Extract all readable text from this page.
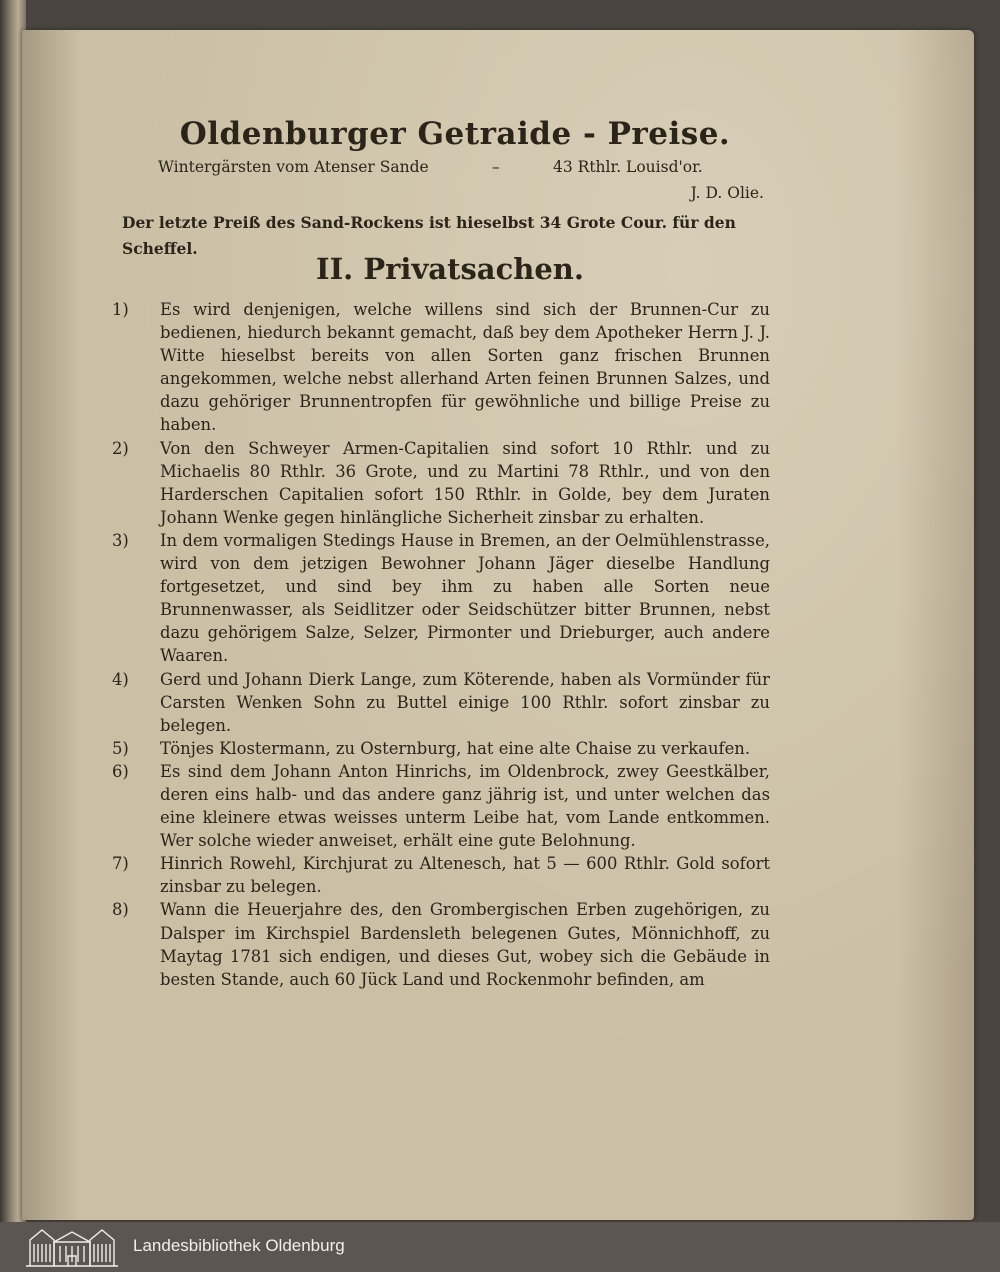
Oldenburger Getraide - Preise.
Wintergärsten vom Atenser Sande	–	43 Rthlr. Louisd'or.
J. D. Olie.
Der letzte Preiß des Sand-Rockens ist hieselbst 34 Grote Cour. für den Scheffel.
II. Privatsachen.
1) Es wird denjenigen, welche willens sind sich der Brunnen-Cur zu bedienen, hiedurch bekannt gemacht, daß bey dem Apotheker Herrn J. J. Witte hieselbst bereits von allen Sorten ganz frischen Brunnen angekommen, welche nebst allerhand Arten feinen Brunnen Salzes, und dazu gehöriger Brunnentropfen für gewöhnliche und billige Preise zu haben.
2) Von den Schweyer Armen-Capitalien sind sofort 10 Rthlr. und zu Michaelis 80 Rthlr. 36 Grote, und zu Martini 78 Rthlr., und von den Harderschen Capitalien sofort 150 Rthlr. in Golde, bey dem Juraten Johann Wenke gegen hinlängliche Sicherheit zinsbar zu erhalten.
3) In dem vormaligen Stedings Hause in Bremen, an der Oelmühlenstrasse, wird von dem jetzigen Bewohner Johann Jäger dieselbe Handlung fortgesetzet, und sind bey ihm zu haben alle Sorten neue Brunnenwasser, als Seidlitzer oder Seidschützer bitter Brunnen, nebst dazu gehörigem Salze, Selzer, Pirmonter und Drieburger, auch andere Waaren.
4) Gerd und Johann Dierk Lange, zum Köterende, haben als Vormünder für Carsten Wenken Sohn zu Buttel einige 100 Rthlr. sofort zinsbar zu belegen.
5) Tönjes Klostermann, zu Osternburg, hat eine alte Chaise zu verkaufen.
6) Es sind dem Johann Anton Hinrichs, im Oldenbrock, zwey Geestkälber, deren eins halb- und das andere ganz jährig ist, und unter welchen das eine kleinere etwas weisses unterm Leibe hat, vom Lande entkommen. Wer solche wieder anweiset, erhält eine gute Belohnung.
7) Hinrich Rowehl, Kirchjurat zu Altenesch, hat 5 — 600 Rthlr. Gold sofort zinsbar zu belegen.
8) Wann die Heuerjahre des, den Grombergischen Erben zugehörigen, zu Dalsper im Kirchspiel Bardensleth belegenen Gutes, Mönnichhoff, zu Maytag 1781 sich endigen, und dieses Gut, wobey sich die Gebäude in besten Stande, auch 60 Jück Land und Rockenmohr befinden, am
Landesbibliothek Oldenburg
